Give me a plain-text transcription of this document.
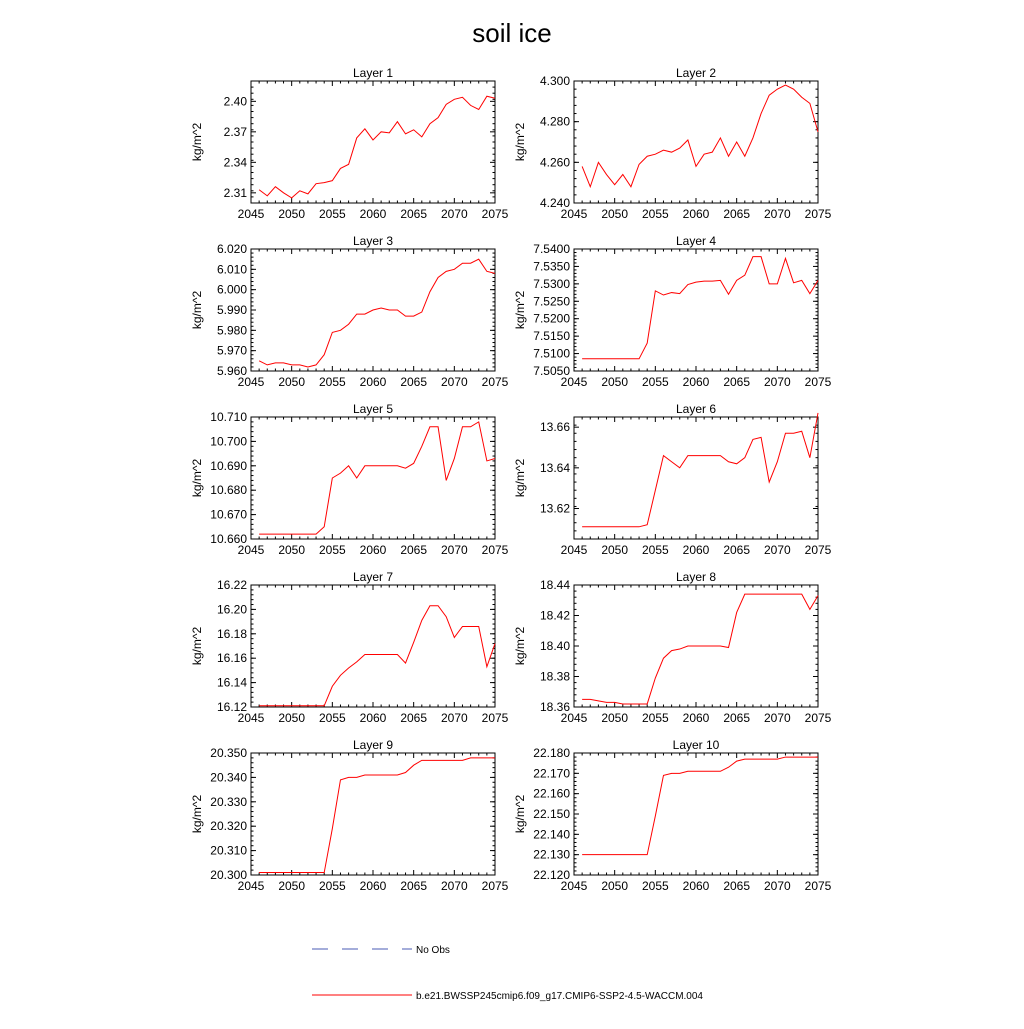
soil ice
2.31
2.34
2.37
2.40
2045 2050 2055 2060 2065 2070 2075
Layer 1
kg/m^2
4.240
4.260
4.280
4.300
2045 2050 2055 2060 2065 2070 2075
Layer 2
kg/m^2
5.960
5.970
5.980
5.990
6.000
6.010
6.020
2045 2050 2055 2060 2065 2070 2075
Layer 3
kg/m^2
7.5050
7.5100
7.5150
7.5200
7.5250
7.5300
7.5350
7.5400
2045 2050 2055 2060 2065 2070 2075
Layer 4
kg/m^2
10.660
10.670
10.680
10.690
10.700
10.710
2045 2050 2055 2060 2065 2070 2075
Layer 5
kg/m^2
13.62
13.64
13.66
2045 2050 2055 2060 2065 2070 2075
Layer 6
kg/m^2
16.12
16.14
16.16
16.18
16.20
16.22
2045 2050 2055 2060 2065 2070 2075
Layer 7
kg/m^2
18.36
18.38
18.40
18.42
18.44
2045 2050 2055 2060 2065 2070 2075
Layer 8
kg/m^2
20.300
20.310
20.320
20.330
20.340
20.350
2045 2050 2055 2060 2065 2070 2075
Layer 9
kg/m^2
22.120
22.130
22.140
22.150
22.160
22.170
22.180
2045 2050 2055 2060 2065 2070 2075
Layer 10
kg/m^2
No Obs
b.e21.BWSSP245cmip6.f09_g17.CMIP6-SSP2-4.5-WACCM.004
